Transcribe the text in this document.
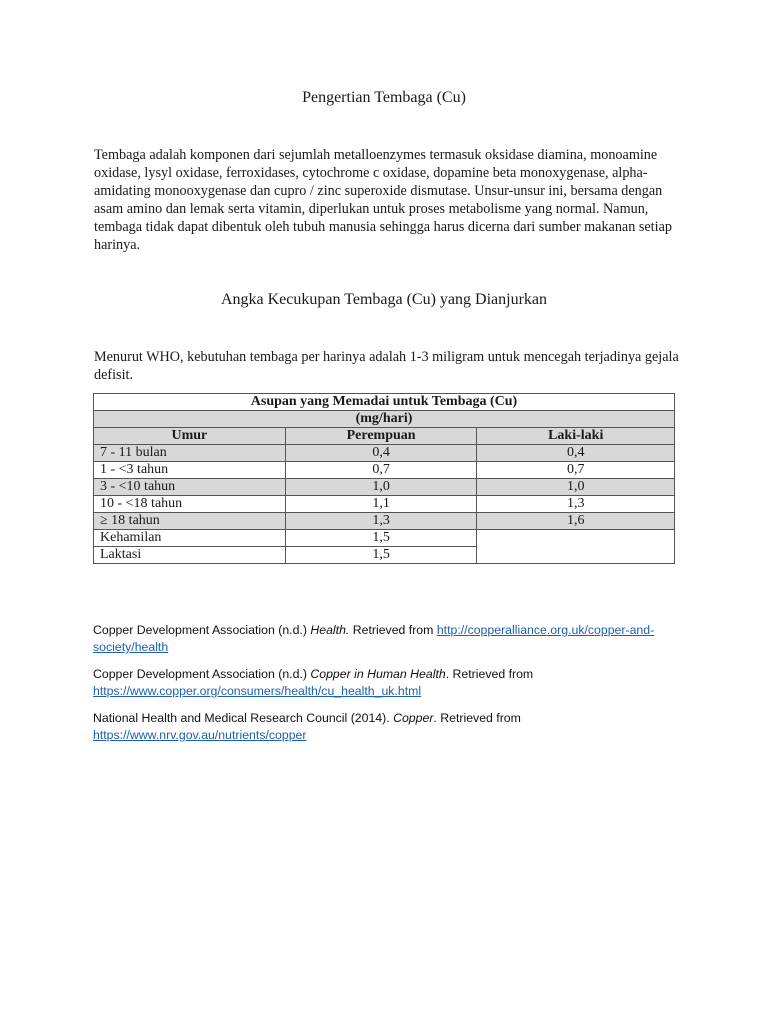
Pengertian Tembaga (Cu)

Tembaga adalah komponen dari sejumlah metalloenzymes termasuk oksidase diamina, monoamine oxidase, lysyl oxidase, ferroxidases, cytochrome c oxidase, dopamine beta monoxygenase, alpha-amidating monooxygenase dan cupro / zinc superoxide dismutase. Unsur-unsur ini, bersama dengan asam amino dan lemak serta vitamin, diperlukan untuk proses metabolisme yang normal. Namun, tembaga tidak dapat dibentuk oleh tubuh manusia sehingga harus dicerna dari sumber makanan setiap harinya.

Angka Kecukupan Tembaga (Cu) yang Dianjurkan

Menurut WHO, kebutuhan tembaga per harinya adalah 1-3 miligram untuk mencegah terjadinya gejala defisit.

Asupan yang Memadai untuk Tembaga (Cu)		
(mg/hari)		
Umur	Perempuan	Laki-laki
7 - 11 bulan	0,4	0,4
1 - <3 tahun	0,7	0,7
3 - <10 tahun	1,0	1,0
10 - <18 tahun	1,1	1,3
≥ 18 tahun	1,3	1,6
Kehamilan	1,5	
Laktasi	1,5	

Copper Development Association (n.d.) Health. Retrieved from http://copperalliance.org.uk/copper-and-society/health

Copper Development Association (n.d.) Copper in Human Health. Retrieved from https://www.copper.org/consumers/health/cu_health_uk.html

National Health and Medical Research Council (2014). Copper. Retrieved from https://www.nrv.gov.au/nutrients/copper
